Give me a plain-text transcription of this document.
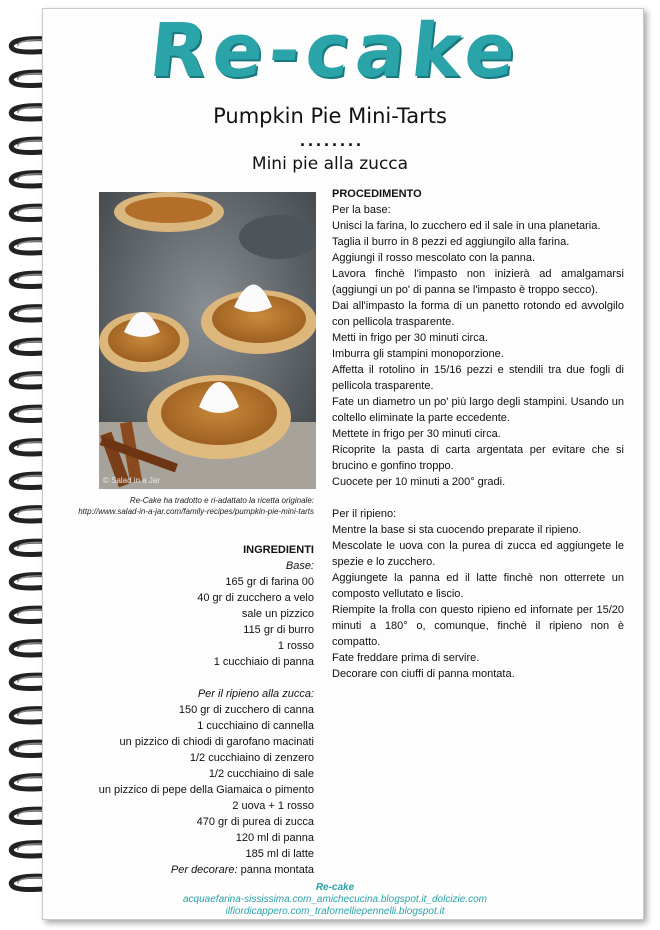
Re-cake
Pumpkin Pie Mini-Tarts
........
Mini pie alla zucca
© Salad in a Jar

Re-Cake ha tradotto e ri-adattato la ricetta originale:

http://www.salad-in-a-jar.com/family-recipes/pumpkin-pie-mini-tarts

INGREDIENTI

Base:

165 gr di farina 00

40 gr di zucchero a velo

sale un pizzico

115 gr di burro

1 rosso

1 cucchiaio di panna

Per il ripieno alla zucca:

150 gr di zucchero di canna

1 cucchiaino di cannella

un pizzico di chiodi di garofano macinati

1/2 cucchiaino di zenzero

1/2 cucchiaino di sale

un pizzico di pepe della Giamaica o pimento

2 uova + 1 rosso

470 gr di purea di zucca

120 ml di panna

185 ml di latte

Per decorare: panna montata

PROCEDIMENTO

Per la base:

Unisci la farina, lo zucchero ed il sale in una planetaria.

Taglia il burro in 8 pezzi ed aggiungilo alla farina.

Aggiungi il rosso mescolato con la panna.

Lavora finchè l'impasto non inizierà ad amalgamarsi (aggiungi un po' di panna se l'impasto è troppo secco).

Dai all'impasto la forma di un panetto rotondo ed avvolgilo con pellicola trasparente.

Metti in frigo per 30 minuti circa.

Imburra gli stampini monoporzione.

Affetta il rotolino in 15/16 pezzi e stendili tra due fogli di pellicola trasparente.

Fate un diametro un po' più largo degli stampini. Usando un coltello eliminate la parte eccedente.

Mettete in frigo per 30 minuti circa.

Ricoprite la pasta di carta argentata per evitare che si brucino e gonfino troppo.

Cuocete per 10 minuti a 200° gradi.

Per il ripieno:

Mentre la base si sta cuocendo preparate il ripieno.

Mescolate le uova con la purea di zucca ed aggiungete le spezie e lo zucchero.

Aggiungete la panna ed il latte finchè non otterrete un composto vellutato e liscio.

Riempite la frolla con questo ripieno ed infornate per 15/20 minuti a 180° o, comunque, finchè il ripieno non è compatto.

Fate freddare prima di servire.

Decorare con ciuffi di panna montata.

Re-cake

acquaefarina-sississima.com_amichecucina.blogspot.it_dolcizie.com

ilfiordicappero.com_trafornelliepennelli.blogspot.it
